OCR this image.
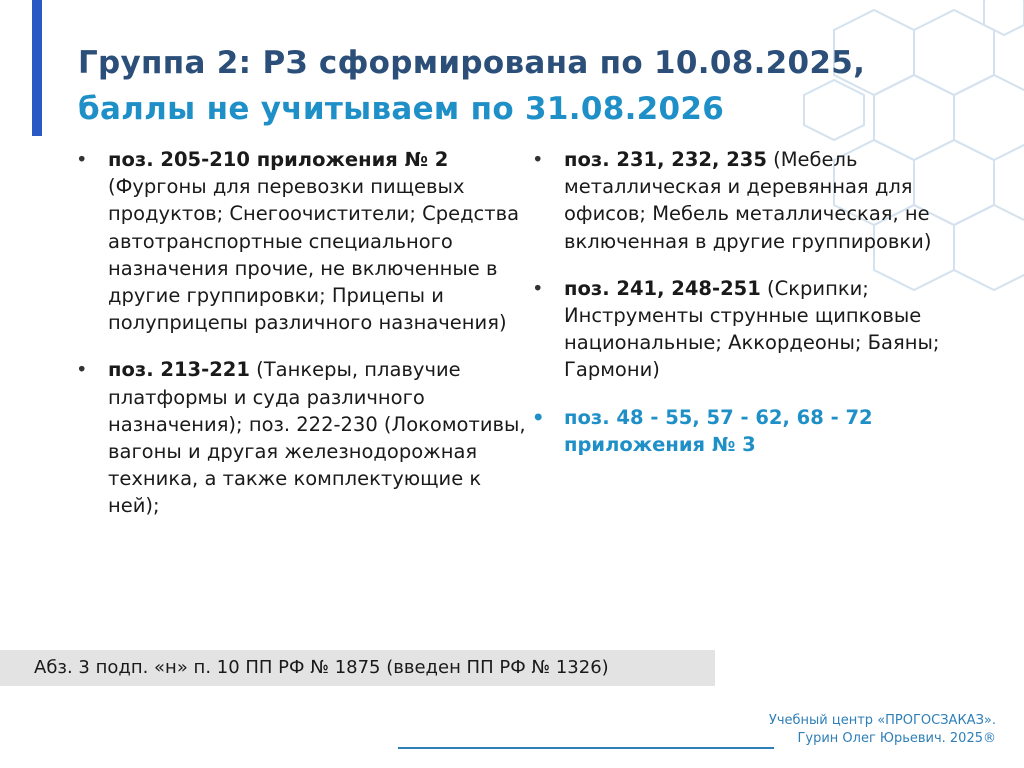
Группа 2: РЗ сформирована по 10.08.2025,
баллы не учитываем по 31.08.2026
• поз. 205-210 приложения № 2 (Фургоны для перевозки пищевых продуктов; Снегоочистители; Средства автотранспортные специального назначения прочие, не включенные в другие группировки; Прицепы и полуприцепы различного назначения)
• поз. 213-221 (Танкеры, плавучие платформы и суда различного назначения); поз. 222-230 (Локомотивы, вагоны и другая железнодорожная техника, а также комплектующие к ней);
• поз. 231, 232, 235 (Мебель металлическая и деревянная для офисов; Мебель металлическая, не включенная в другие группировки)
• поз. 241, 248-251 (Скрипки; Инструменты струнные щипковые национальные; Аккордеоны; Баяны; Гармони)
• поз. 48 - 55, 57 - 62, 68 - 72 приложения № 3
Абз. 3 подп. «н» п. 10 ПП РФ № 1875 (введен ПП РФ № 1326)
Учебный центр «ПРОГОСЗАКАЗ».
Гурин Олег Юрьевич. 2025®
